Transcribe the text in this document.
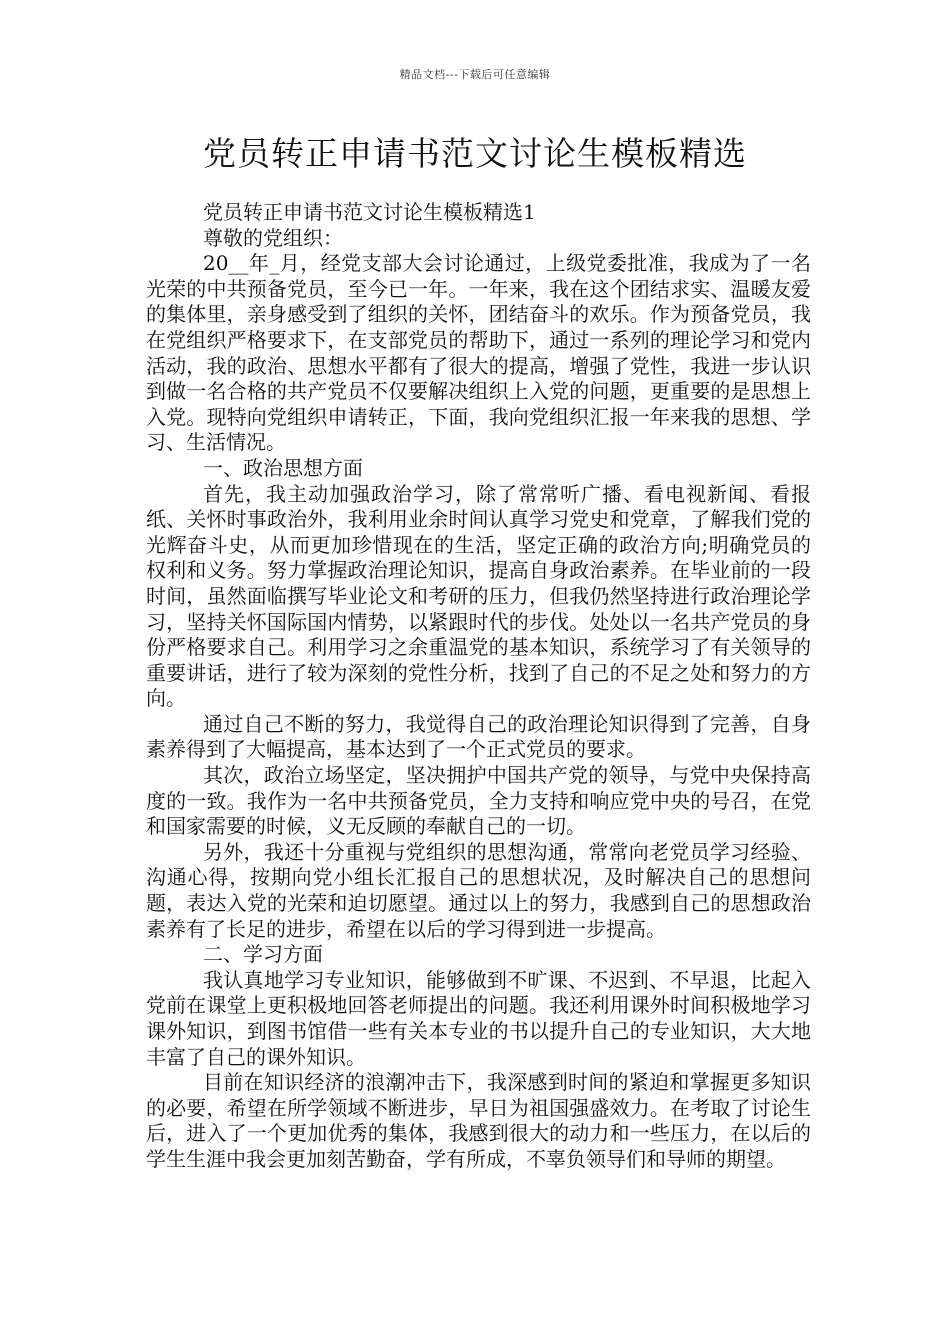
精品文档---下载后可任意编辑
党员转正申请书范文讨论生模板精选

党员转正申请书范文讨论生模板精选1

尊敬的党组织：

20__年_月，经党支部大会讨论通过，上级党委批准，我成为了一名光荣的中共预备党员，至今已一年。一年来，我在这个团结求实、温暖友爱的集体里，亲身感受到了组织的关怀，团结奋斗的欢乐。作为预备党员，我在党组织严格要求下，在支部党员的帮助下，通过一系列的理论学习和党内活动，我的政治、思想水平都有了很大的提高，增强了党性，我进一步认识到做一名合格的共产党员不仅要解决组织上入党的问题，更重要的是思想上入党。现特向党组织申请转正，下面，我向党组织汇报一年来我的思想、学习、生活情况。

一、政治思想方面

首先，我主动加强政治学习，除了常常听广播、看电视新闻、看报纸、关怀时事政治外，我利用业余时间认真学习党史和党章，了解我们党的光辉奋斗史，从而更加珍惜现在的生活，坚定正确的政治方向;明确党员的权利和义务。努力掌握政治理论知识，提高自身政治素养。在毕业前的一段时间，虽然面临撰写毕业论文和考研的压力，但我仍然坚持进行政治理论学习，坚持关怀国际国内情势，以紧跟时代的步伐。处处以一名共产党员的身份严格要求自己。利用学习之余重温党的基本知识，系统学习了有关领导的重要讲话，进行了较为深刻的党性分析，找到了自己的不足之处和努力的方向。

通过自己不断的努力，我觉得自己的政治理论知识得到了完善，自身素养得到了大幅提高，基本达到了一个正式党员的要求。

其次，政治立场坚定，坚决拥护中国共产党的领导，与党中央保持高度的一致。我作为一名中共预备党员，全力支持和响应党中央的号召，在党和国家需要的时候，义无反顾的奉献自己的一切。

另外，我还十分重视与党组织的思想沟通，常常向老党员学习经验、沟通心得，按期向党小组长汇报自己的思想状况，及时解决自己的思想问题，表达入党的光荣和迫切愿望。通过以上的努力，我感到自己的思想政治素养有了长足的进步，希望在以后的学习得到进一步提高。

二、学习方面

我认真地学习专业知识，能够做到不旷课、不迟到、不早退，比起入党前在课堂上更积极地回答老师提出的问题。我还利用课外时间积极地学习课外知识，到图书馆借一些有关本专业的书以提升自己的专业知识，大大地丰富了自己的课外知识。

目前在知识经济的浪潮冲击下，我深感到时间的紧迫和掌握更多知识的必要，希望在所学领域不断进步，早日为祖国强盛效力。在考取了讨论生后，进入了一个更加优秀的集体，我感到很大的动力和一些压力，在以后的学生生涯中我会更加刻苦勤奋，学有所成，不辜负领导们和导师的期望。
